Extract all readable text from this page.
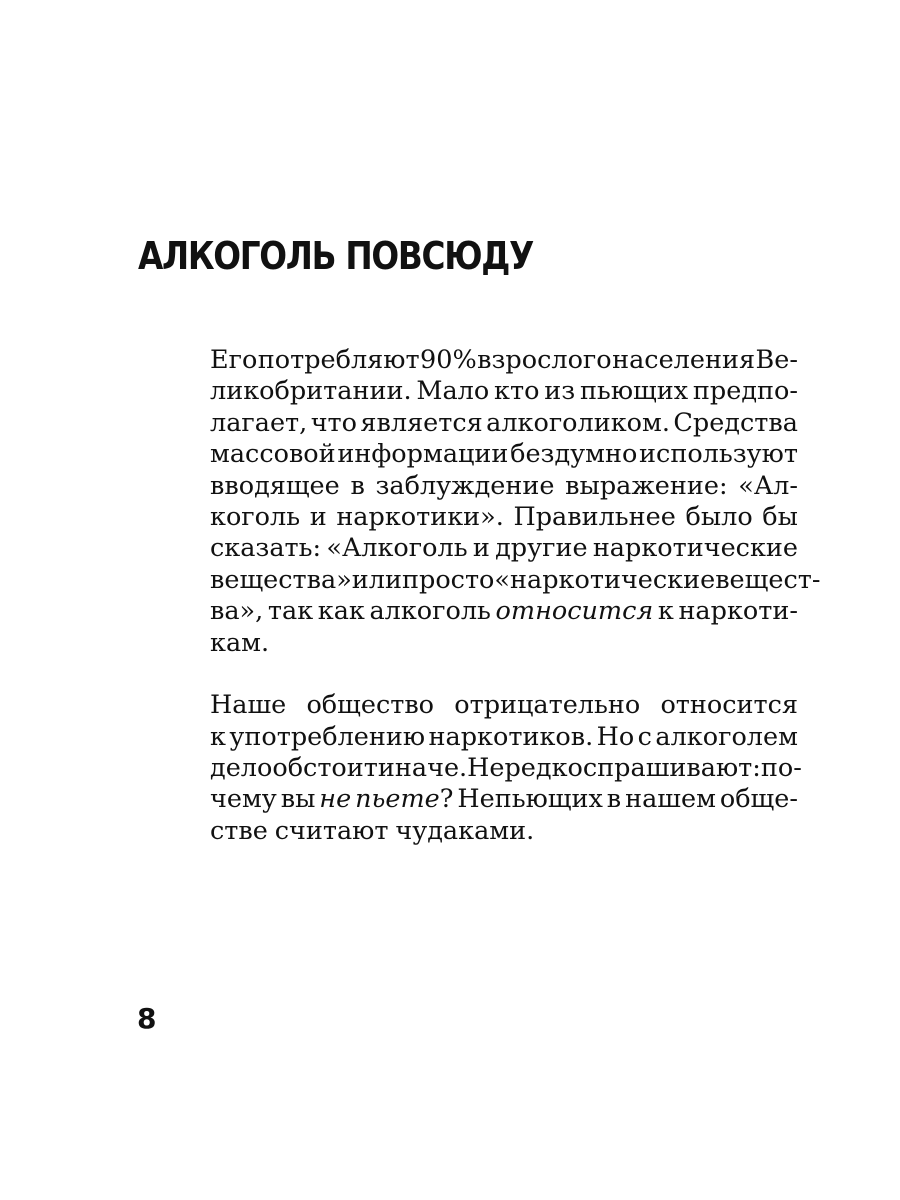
АЛКОГОЛЬ ПОВСЮДУ
Его потребляют 90% взрослого населения Ве-
ликобритании. Мало кто из пьющих предпо-
лагает, что является алкоголиком. Средства
массовой информации бездумно используют
вводящее в заблуждение выражение: «Ал-
коголь и наркотики». Правильнее было бы
сказать: «Алкоголь и другие наркотические
вещества» или просто «наркотические вещест-
ва», так как алкоголь относится к наркоти-
кам.
Наше общество отрицательно относится
к употреблению наркотиков. Но с алкоголем
дело обстоит иначе. Нередко спрашивают: по-
чему вы не пьете? Непьющих в нашем обще-
стве считают чудаками.

8
